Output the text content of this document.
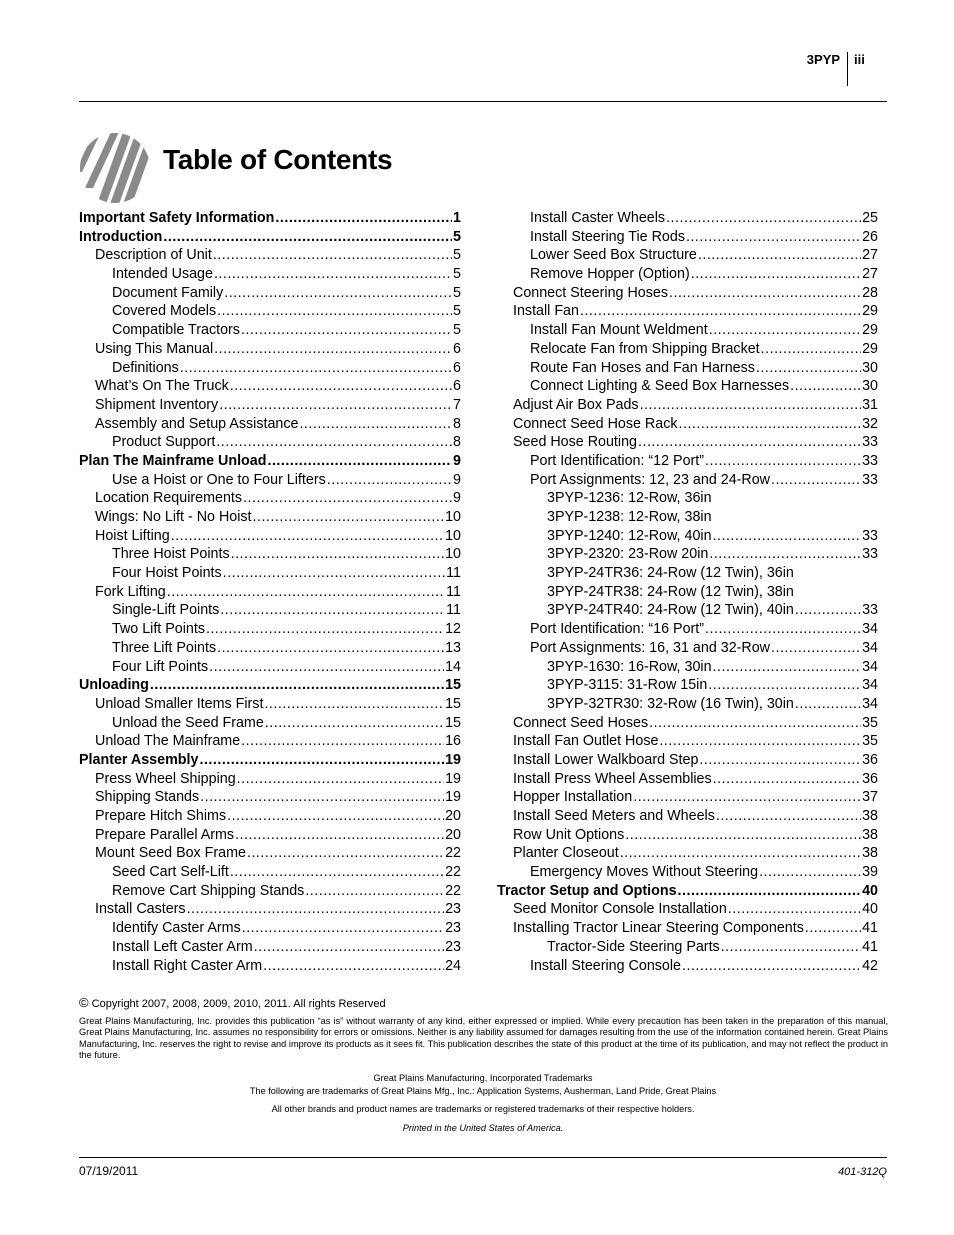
3PYP iii
Table of Contents
Important Safety Information .....	1
Introduction .....	5
Description of Unit .....	5
Intended Usage .....	5
Document Family .....	5
Covered Models .....	5
Compatible Tractors .....	5
Using This Manual .....	6
Definitions .....	6
What’s On The Truck .....	6
Shipment Inventory .....	7
Assembly and Setup Assistance .....	8
Product Support .....	8
Plan The Mainframe Unload .....	9
Use a Hoist or One to Four Lifters .....	9
Location Requirements .....	9
Wings: No Lift - No Hoist .....	10
Hoist Lifting .....	10
Three Hoist Points .....	10
Four Hoist Points .....	11
Fork Lifting .....	11
Single-Lift Points .....	11
Two Lift Points .....	12
Three Lift Points .....	13
Four Lift Points .....	14
Unloading .....	15
Unload Smaller Items First .....	15
Unload the Seed Frame .....	15
Unload The Mainframe .....	16
Planter Assembly .....	19
Press Wheel Shipping .....	19
Shipping Stands .....	19
Prepare Hitch Shims .....	20
Prepare Parallel Arms .....	20
Mount Seed Box Frame .....	22
Seed Cart Self-Lift .....	22
Remove Cart Shipping Stands .....	22
Install Casters .....	23
Identify Caster Arms .....	23
Install Left Caster Arm .....	23
Install Right Caster Arm .....	24
Install Caster Wheels .....	25
Install Steering Tie Rods .....	26
Lower Seed Box Structure .....	27
Remove Hopper (Option) .....	27
Connect Steering Hoses .....	28
Install Fan .....	29
Install Fan Mount Weldment .....	29
Relocate Fan from Shipping Bracket .....	29
Route Fan Hoses and Fan Harness .....	30
Connect Lighting & Seed Box Harnesses .....	30
Adjust Air Box Pads .....	31
Connect Seed Hose Rack .....	32
Seed Hose Routing .....	33
Port Identification: “12 Port” .....	33
Port Assignments: 12, 23 and 24-Row .....	33
3PYP-1236: 12-Row, 36in
3PYP-1238: 12-Row, 38in
3PYP-1240: 12-Row, 40in .....	33
3PYP-2320: 23-Row 20in .....	33
3PYP-24TR36: 24-Row (12 Twin), 36in
3PYP-24TR38: 24-Row (12 Twin), 38in
3PYP-24TR40: 24-Row (12 Twin), 40in .....	33
Port Identification: “16 Port” .....	34
Port Assignments: 16, 31 and 32-Row .....	34
3PYP-1630: 16-Row, 30in .....	34
3PYP-3115: 31-Row 15in .....	34
3PYP-32TR30: 32-Row (16 Twin), 30in .....	34
Connect Seed Hoses .....	35
Install Fan Outlet Hose .....	35
Install Lower Walkboard Step .....	36
Install Press Wheel Assemblies .....	36
Hopper Installation .....	37
Install Seed Meters and Wheels .....	38
Row Unit Options .....	38
Planter Closeout .....	38
Emergency Moves Without Steering .....	39
Tractor Setup and Options .....	40
Seed Monitor Console Installation .....	40
Installing Tractor Linear Steering Components .....	41
Tractor-Side Steering Parts .....	41
Install Steering Console .....	42
© Copyright 2007, 2008, 2009, 2010, 2011. All rights Reserved
Great Plains Manufacturing, Inc. provides this publication “as is” without warranty of any kind, either expressed or implied. While every precaution has been taken in the preparation of this manual, Great Plains Manufacturing, Inc. assumes no responsibility for errors or omissions. Neither is any liability assumed for damages resulting from the use of the information contained herein. Great Plains Manufacturing, Inc. reserves the right to revise and improve its products as it sees fit. This publication describes the state of this product at the time of its publication, and may not reflect the product in the future.
Great Plains Manufacturing, Incorporated Trademarks
The following are trademarks of Great Plains Mfg., Inc.: Application Systems, Ausherman, Land Pride, Great Plains
All other brands and product names are trademarks or registered trademarks of their respective holders.
Printed in the United States of America.
07/19/2011	401-312Q
